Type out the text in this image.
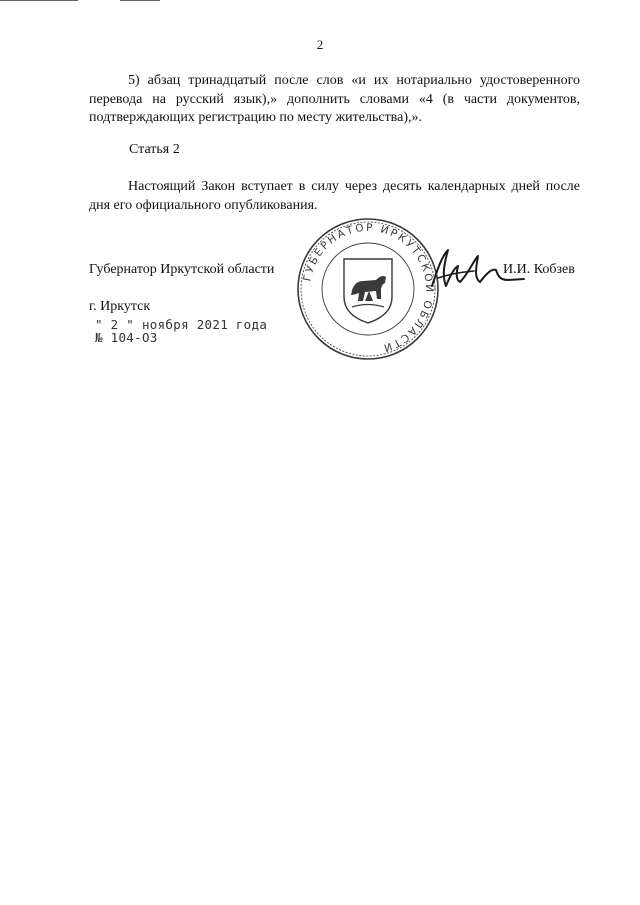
2
5) абзац тринадцатый после слов «и их нотариально удостоверенного перевода на русский язык),» дополнить словами «4 (в части документов, подтверждающих регистрацию по месту жительства),».
Статья 2
Настоящий Закон вступает в силу через десять календарных дней после дня его официального опубликования.
Губернатор Иркутской области	ГУБЕРНАТОР ИРКУТСКОЙ ОБЛАСТИ
И.И. Кобзев
г. Иркутск
" 2 " ноября 2021 года
№ 104-ОЗ
